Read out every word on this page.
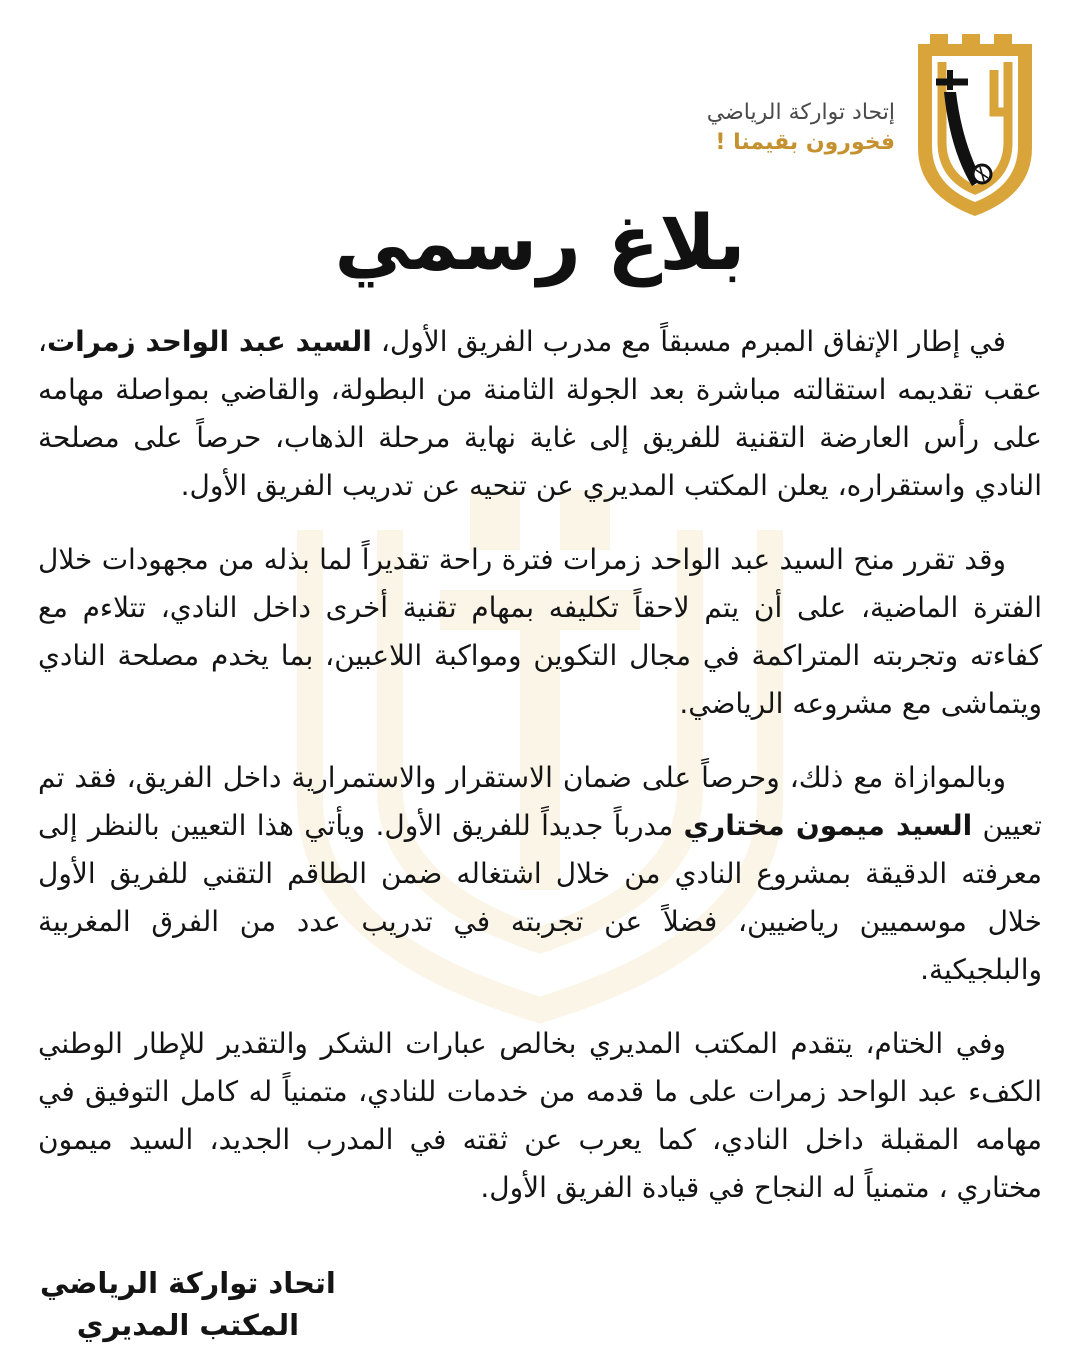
إتحاد تواركة الرياضي
فخورون بقيمنا !
بلاغ رسمي

في إطار الإتفاق المبرم مسبقاً مع مدرب الفريق الأول، السيد عبد الواحد زمرات، عقب تقديمه استقالته مباشرة بعد الجولة الثامنة من البطولة، والقاضي بمواصلة مهامه على رأس العارضة التقنية للفريق إلى غاية نهاية مرحلة الذهاب، حرصاً على مصلحة النادي واستقراره، يعلن المكتب المديري عن تنحيه عن تدريب الفريق الأول.

وقد تقرر منح السيد عبد الواحد زمرات فترة راحة تقديراً لما بذله من مجهودات خلال الفترة الماضية، على أن يتم لاحقاً تكليفه بمهام تقنية أخرى داخل النادي، تتلاءم مع كفاءته وتجربته المتراكمة في مجال التكوين ومواكبة اللاعبين، بما يخدم مصلحة النادي ويتماشى مع مشروعه الرياضي.

وبالموازاة مع ذلك، وحرصاً على ضمان الاستقرار والاستمرارية داخل الفريق، فقد تم تعيين السيد ميمون مختاري مدرباً جديداً للفريق الأول. ويأتي هذا التعيين بالنظر إلى معرفته الدقيقة بمشروع النادي من خلال اشتغاله ضمن الطاقم التقني للفريق الأول خلال موسميين رياضيين، فضلاً عن تجربته في تدريب عدد من الفرق المغربية والبلجيكية.

وفي الختام، يتقدم المكتب المديري بخالص عبارات الشكر والتقدير للإطار الوطني الكفء عبد الواحد زمرات على ما قدمه من خدمات للنادي، متمنياً له كامل التوفيق في مهامه المقبلة داخل النادي، كما يعرب عن ثقته في المدرب الجديد، السيد ميمون مختاري ، متمنياً له النجاح في قيادة الفريق الأول.

اتحاد تواركة الرياضي
المكتب المديري
